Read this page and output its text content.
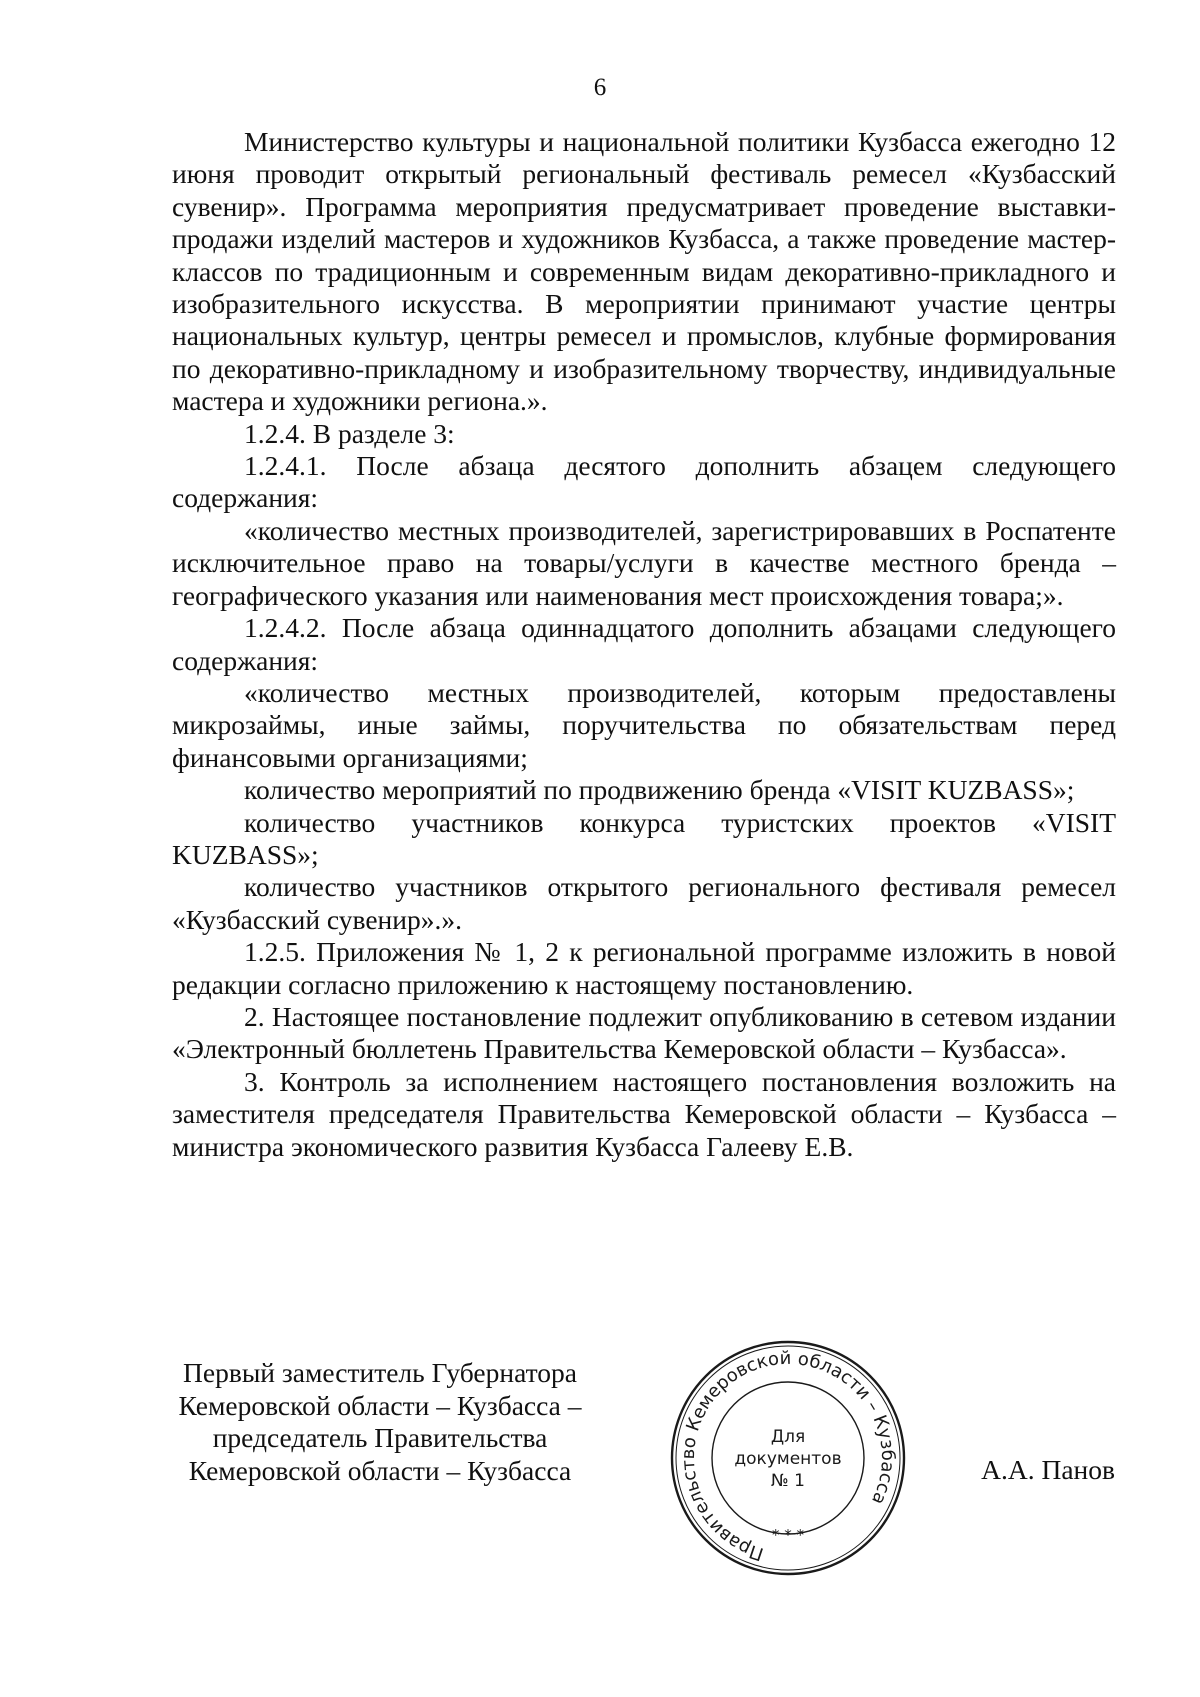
6

Министерство культуры и национальной политики Кузбасса ежегодно 12 июня проводит открытый региональный фестиваль ремесел «Кузбасский сувенир». Программа мероприятия предусматривает проведение выставки-продажи изделий мастеров и художников Кузбасса, а также проведение мастер-классов по традиционным и современным видам декоративно-прикладного и изобразительного искусства. В мероприятии принимают участие центры национальных культур, центры ремесел и промыслов, клубные формирования по декоративно-прикладному и изобразительному творчеству, индивидуальные мастера и художники региона.».

1.2.4. В разделе 3:

1.2.4.1. После абзаца десятого дополнить абзацем следующего содержания:

«количество местных производителей, зарегистрировавших в Роспатенте исключительное право на товары/услуги в качестве местного бренда – географического указания или наименования мест происхождения товара;».

1.2.4.2. После абзаца одиннадцатого дополнить абзацами следующего содержания:

«количество местных производителей, которым предоставлены микрозаймы, иные займы, поручительства по обязательствам перед финансовыми организациями;

количество мероприятий по продвижению бренда «VISIT KUZBASS»;

количество участников конкурса туристских проектов «VISIT KUZBASS»;

количество участников открытого регионального фестиваля ремесел «Кузбасский сувенир».».

1.2.5. Приложения № 1, 2 к региональной программе изложить в новой редакции согласно приложению к настоящему постановлению.

2. Настоящее постановление подлежит опубликованию в сетевом издании «Электронный бюллетень Правительства Кемеровской области – Кузбасса».

3. Контроль за исполнением настоящего постановления возложить на заместителя председателя Правительства Кемеровской области – Кузбасса – министра экономического развития Кузбасса Галееву Е.В.

Первый заместитель Губернатора
Кемеровской области – Кузбасса –
председатель Правительства
Кемеровской области – Кузбасса
Правительство Кемеровской области – Кузбасса
* * *
Для
документов
№ 1	А.А. Панов
